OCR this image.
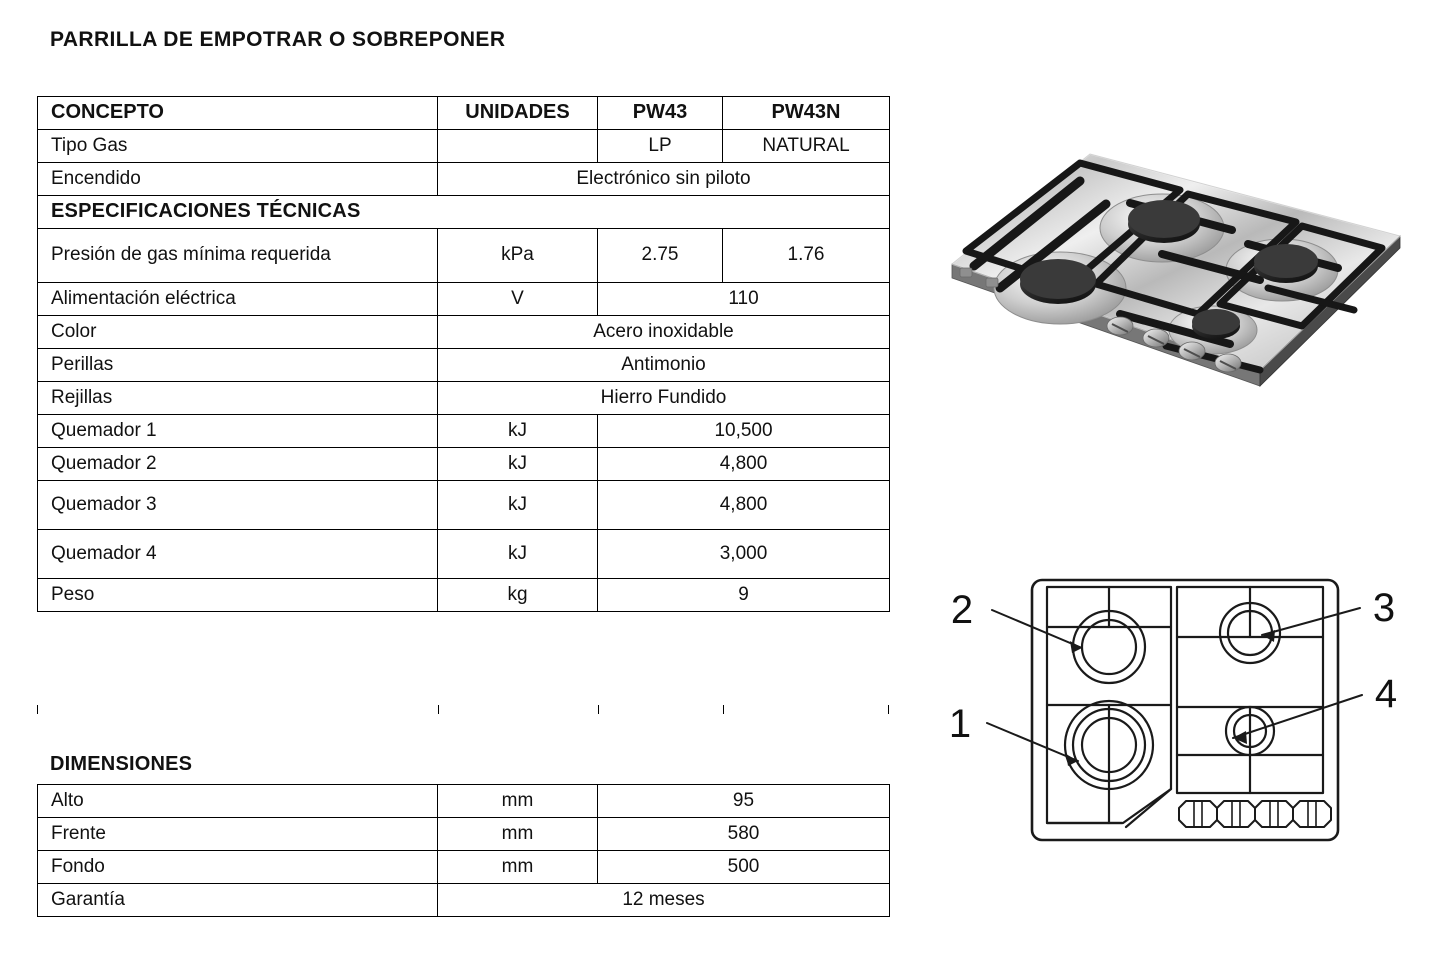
PARRILLA DE EMPOTRAR O SOBREPONER
CONCEPTO	UNIDADES	PW43	PW43N
Tipo Gas		LP	NATURAL
Encendido	Electrónico sin piloto		
ESPECIFICACIONES TÉCNICAS			
Presión de gas mínima requerida	kPa	2.75	1.76
Alimentación eléctrica	V	110	
Color	Acero inoxidable		
Perillas	Antimonio		
Rejillas	Hierro Fundido		
Quemador 1	kJ	10,500	
Quemador 2	kJ	4,800	
Quemador 3	kJ	4,800	
Quemador 4	kJ	3,000	
Peso	kg	9	
DIMENSIONES
Alto	mm	95
Frente	mm	580
Fondo	mm	500
Garantía	12 meses	
2
1
3
4
